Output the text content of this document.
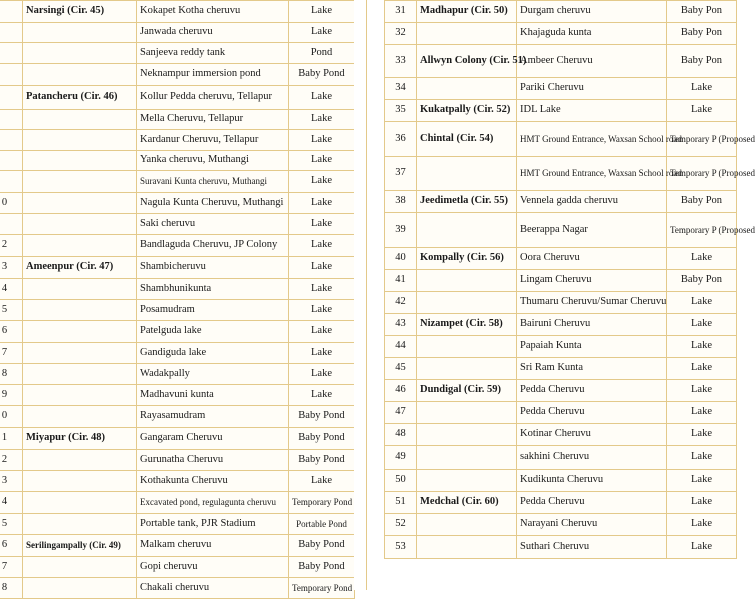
	Narsingi (Cir. 45)	Kokapet Kotha cheruvu	Lake
		Janwada cheruvu	Lake
		Sanjeeva reddy tank	Pond
		Neknampur immersion pond	Baby Pond
	Patancheru (Cir. 46)	Kollur Pedda cheruvu, Tellapur	Lake
		Mella Cheruvu, Tellapur	Lake
		Kardanur Cheruvu, Tellapur	Lake
		Yanka cheruvu, Muthangi	Lake
		Suravani Kunta cheruvu, Muthangi	Lake
0		Nagula Kunta Cheruvu, Muthangi	Lake
		Saki cheruvu	Lake
2		Bandlaguda Cheruvu, JP Colony	Lake
3	Ameenpur (Cir. 47)	Shambicheruvu	Lake
4		Shambhunikunta	Lake
5		Posamudram	Lake
6		Patelguda lake	Lake
7		Gandiguda lake	Lake
8		Wadakpally	Lake
9		Madhavuni kunta	Lake
0		Rayasamudram	Baby Pond
1	Miyapur (Cir. 48)	Gangaram Cheruvu	Baby Pond
2		Gurunatha Cheruvu	Baby Pond
3		Kothakunta Cheruvu	Lake
4		Excavated pond, regulagunta cheruvu	Temporary Pond
5		Portable tank, PJR Stadium	Portable Pond
6	Serilingampally (Cir. 49)	Malkam cheruvu	Baby Pond
7		Gopi cheruvu	Baby Pond
8		Chakali cheruvu	Temporary Pond
31	Madhapur (Cir. 50)	Durgam cheruvu	Baby Pon
32		Khajaguda kunta	Baby Pon
33	Allwyn Colony (Cir. 51)	Ambeer Cheruvu	Baby Pon
34		Pariki Cheruvu	Lake
35	Kukatpally (Cir. 52)	IDL Lake	Lake
36	Chintal (Cir. 54)	HMT Ground Entrance, Waxsan School road	Temporary P (Proposed
37		HMT Ground Entrance, Waxsan School road	Temporary P (Proposed
38	Jeedimetla (Cir. 55)	Vennela gadda cheruvu	Baby Pon
39		Beerappa Nagar	Temporary P (Proposed
40	Kompally (Cir. 56)	Oora Cheruvu	Lake
41		Lingam Cheruvu	Baby Pon
42		Thumaru Cheruvu/Sumar Cheruvu	Lake
43	Nizampet (Cir. 58)	Bairuni Cheruvu	Lake
44		Papaiah Kunta	Lake
45		Sri Ram Kunta	Lake
46	Dundigal (Cir. 59)	Pedda Cheruvu	Lake
47		Pedda Cheruvu	Lake
48		Kotinar Cheruvu	Lake
49		sakhini Cheruvu	Lake
50		Kudikunta Cheruvu	Lake
51	Medchal (Cir. 60)	Pedda Cheruvu	Lake
52		Narayani Cheruvu	Lake
53		Suthari Cheruvu	Lake
